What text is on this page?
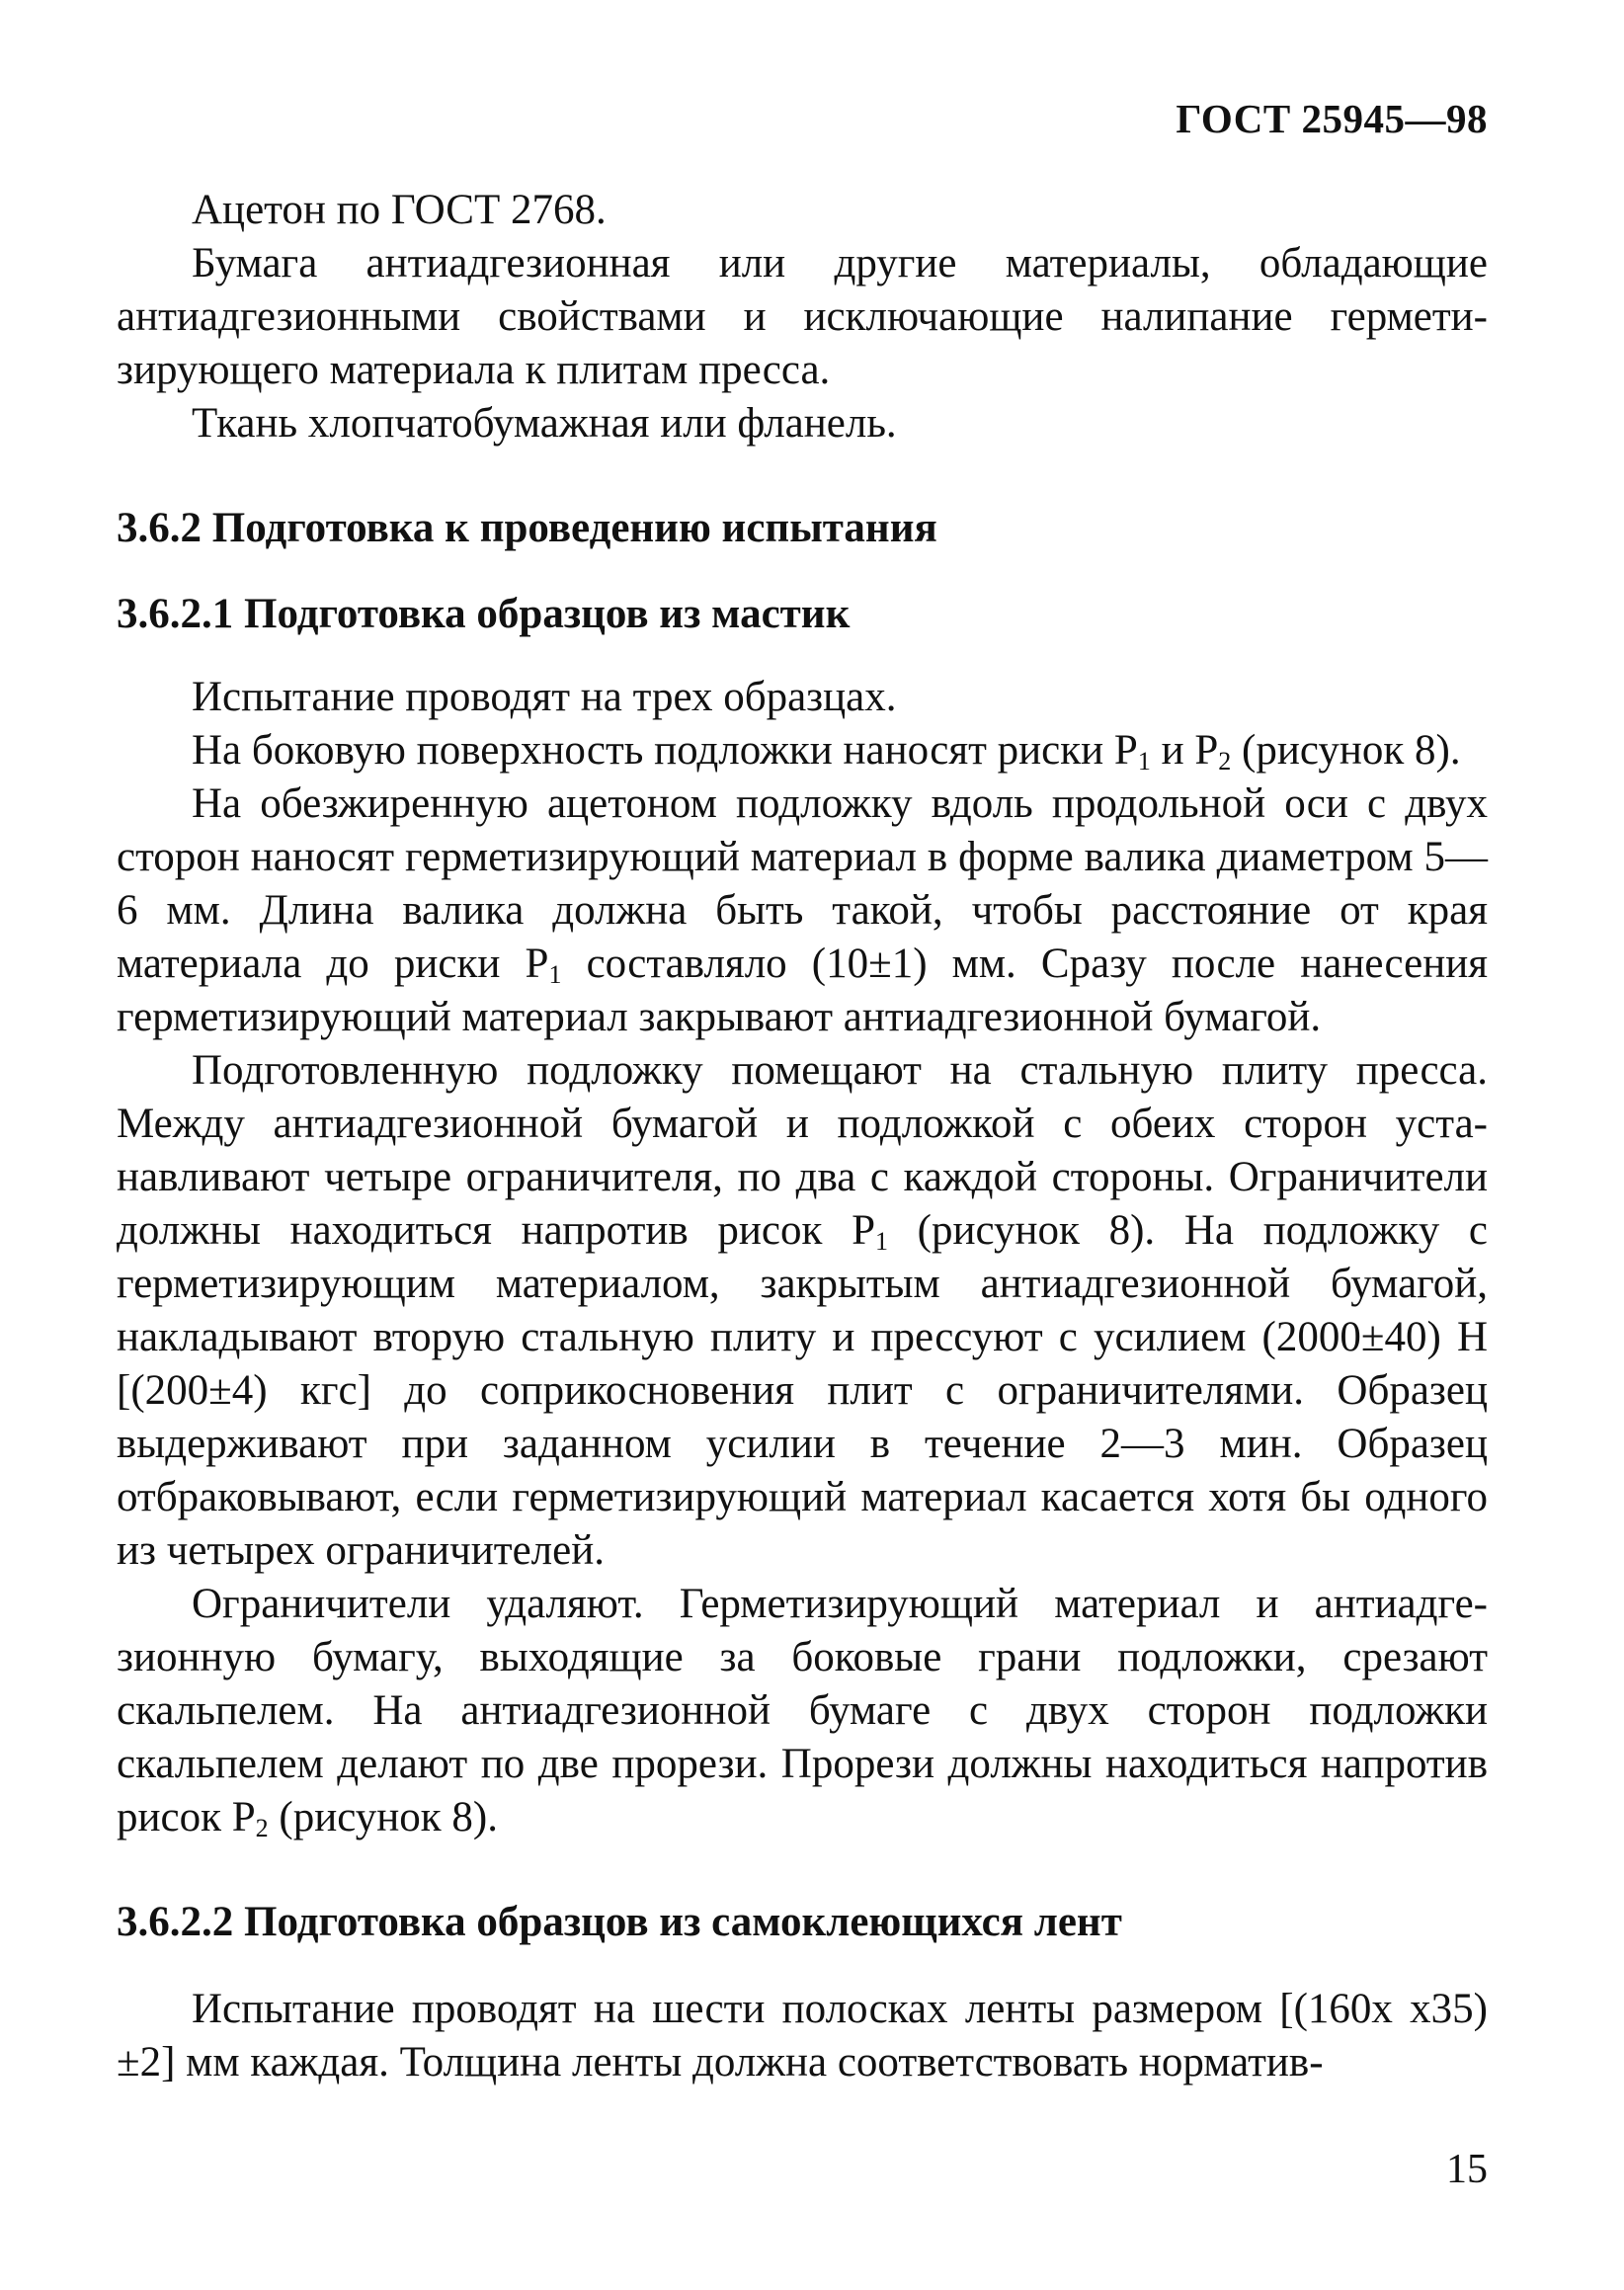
ГОСТ 25945—98

Ацетон по ГОСТ 2768.

Бумага антиадгезионная или другие материалы, обладающие антиадгезионными свойствами и исключающие налипание герметизирующего материала к плитам пресса.

Ткань хлопчатобумажная или фланель.

3.6.2 Подготовка к проведению испытания
3.6.2.1 Подготовка образцов из мастик

Испытание проводят на трех образцах.

На боковую поверхность подложки наносят риски $Р_1$ и $Р_2$ (рисунок 8).

На обезжиренную ацетоном подложку вдоль продольной оси с двух сторон наносят герметизирующий материал в форме валика диаметром 5—6 мм. Длина валика должна быть такой, чтобы расстояние от края материала до риски $Р_1$ составляло (10±1) мм. Сразу после нанесения герметизирующий материал закрывают антиадгезионной бумагой.

Подготовленную подложку помещают на стальную плиту пресса. Между антиадгезионной бумагой и подложкой с обеих сторон устанавливают четыре ограничителя, по два с каждой стороны. Ограничители должны находиться напротив рисок $Р_1$ (рисунок 8). На подложку с герметизирующим материалом, закрытым антиадгезионной бумагой, накладывают вторую стальную плиту и прессуют с усилием (2000±40) Н [(200±4) кгс] до соприкосновения плит с ограничителями. Образец выдерживают при заданном усилии в течение 2—3 мин. Образец отбраковывают, если герметизирующий материал касается хотя бы одного из четырех ограничителей.

Ограничители удаляют. Герметизирующий материал и антиадгезионную бумагу, выходящие за боковые грани подложки, срезают скальпелем. На антиадгезионной бумаге с двух сторон подложки скальпелем делают по две прорези. Прорези должны находиться напротив рисок $Р_2$ (рисунок 8).

3.6.2.2 Подготовка образцов из самоклеющихся лент

Испытание проводят на шести полосках ленты размером [(160х х35)±2] мм каждая. Толщина ленты должна соответствовать норматив-

15
